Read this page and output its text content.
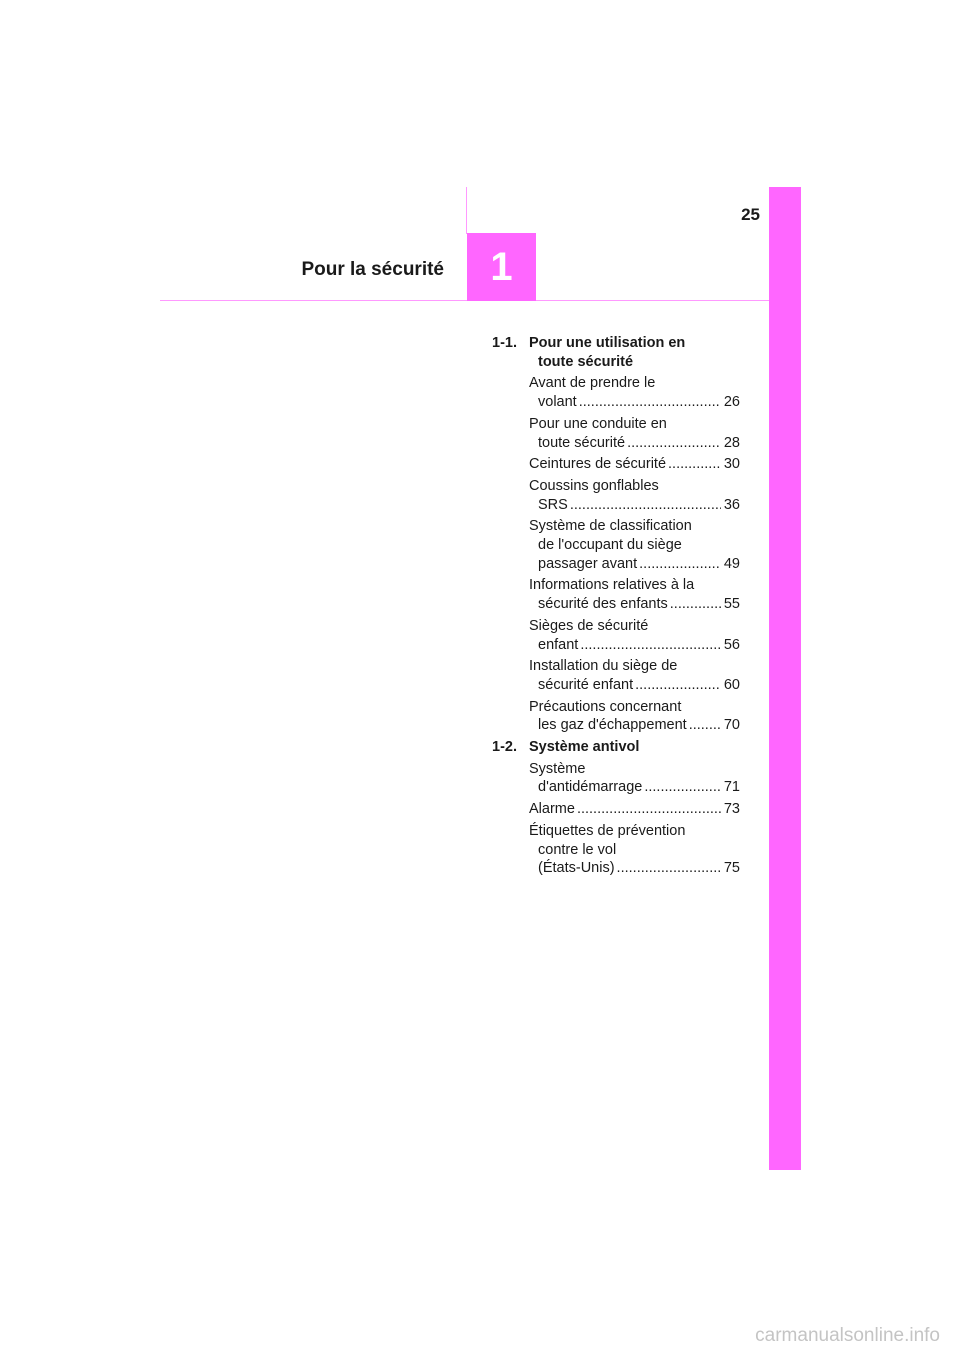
25
1
Pour la sécurité
1-1. Pour une utilisation en
toute sécurité
Avant de prendre le
volant .....	26
Pour une conduite en
toute sécurité .....	28
Ceintures de sécurité .....	30
Coussins gonflables
SRS .....	36
Système de classification
de l'occupant du siège
passager avant .....	49
Informations relatives à la
sécurité des enfants .....	55
Sièges de sécurité
enfant .....	56
Installation du siège de
sécurité enfant .....	60
Précautions concernant
les gaz d'échappement .....	70
1-2. Système antivol
Système
d'antidémarrage .....	71
Alarme .....	73
Étiquettes de prévention
contre le vol
(États-Unis) .....	75
carmanualsonline.info
